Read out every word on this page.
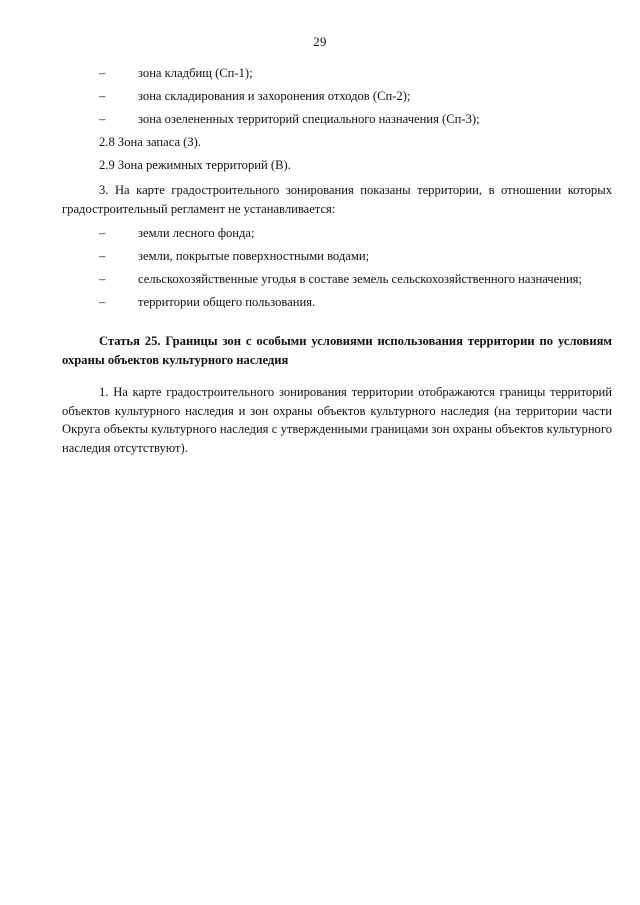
29
–	зона кладбищ (Сп-1);
–	зона складирования и захоронения отходов (Сп-2);
–	зона озелененных территорий специального назначения (Сп-3);
2.8 Зона запаса (З).
2.9 Зона режимных территорий (В).
3. На карте градостроительного зонирования показаны территории, в отношении которых градостроительный регламент не устанавливается:
–	земли лесного фонда;
–	земли, покрытые поверхностными водами;
–	сельскохозяйственные угодья в составе земель сельскохозяйственного назначения;
–	территории общего пользования.
Статья 25. Границы зон с особыми условиями использования территории по условиям охраны объектов культурного наследия
1. На карте градостроительного зонирования территории отображаются границы территорий объектов культурного наследия и зон охраны объектов культурного наследия (на территории части Округа объекты культурного наследия с утвержденными границами зон охраны объектов культурного наследия отсутствуют).
